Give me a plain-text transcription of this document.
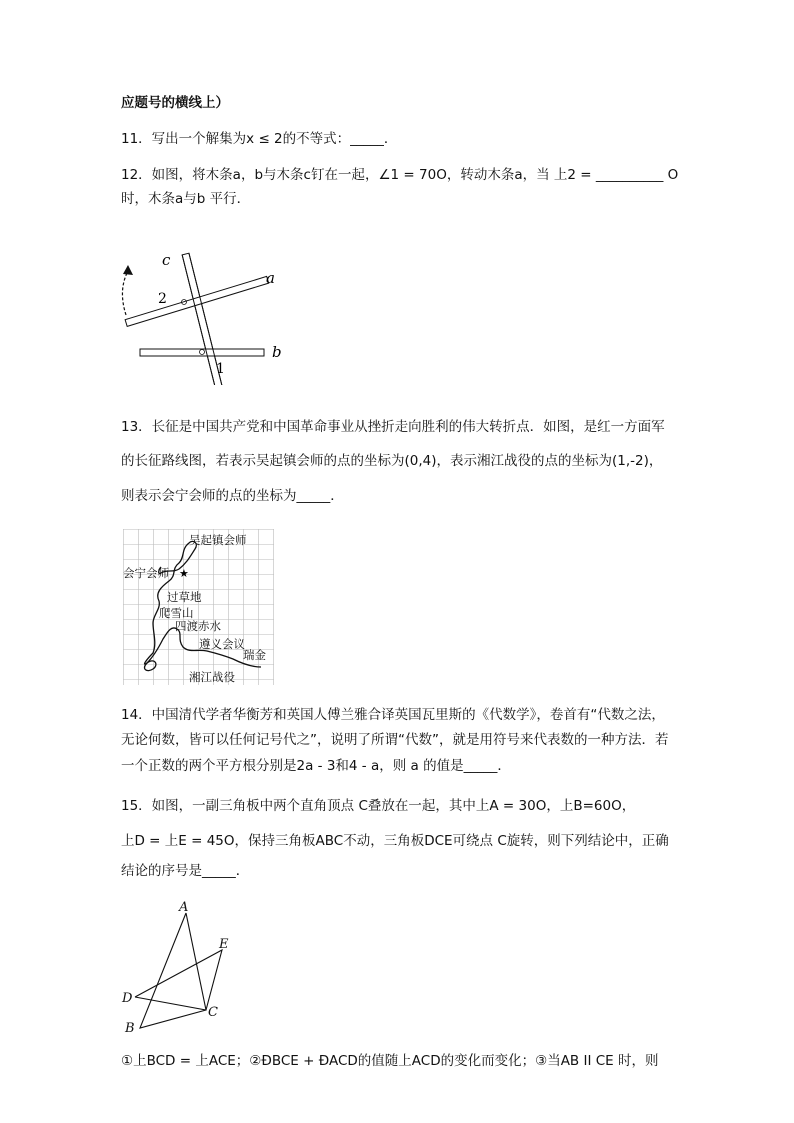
应题号的横线上）
11．写出一个解集为x ≤ 2的不等式：_____．
12．如图，将木条a，b与木条c钉在一起，∠1 = 70O，转动木条a，当 上2 = __________ O
时，木条a与b 平行．
c
a
b
2
1
13．长征是中国共产党和中国革命事业从挫折走向胜利的伟大转折点．如图，是红一方面军
的长征路线图，若表示吴起镇会师的点的坐标为(0,4)，表示湘江战役的点的坐标为(1,-2)，
则表示会宁会师的点的坐标为_____．
★
吴起镇会师
会宁会师
过草地
爬雪山
四渡赤水
遵义会议
瑞金
湘江战役
14．中国清代学者华衡芳和英国人傅兰雅合译英国瓦里斯的《代数学》，卷首有“代数之法，
无论何数，皆可以任何记号代之”，说明了所谓“代数”，就是用符号来代表数的一种方法．若
一个正数的两个平方根分别是2a - 3和4 - a，则 a 的值是_____．
15．如图，一副三角板中两个直角顶点 C叠放在一起，其中上A = 30O，上B=60O，
上D = 上E = 45O，保持三角板ABC不动，三角板DCE可绕点 C旋转，则下列结论中，正确
结论的序号是_____．
A
E
D
C
B
①上BCD = 上ACE；②ÐBCE + ÐACD的值随上ACD的变化而变化；③当AB II CE 时，则
